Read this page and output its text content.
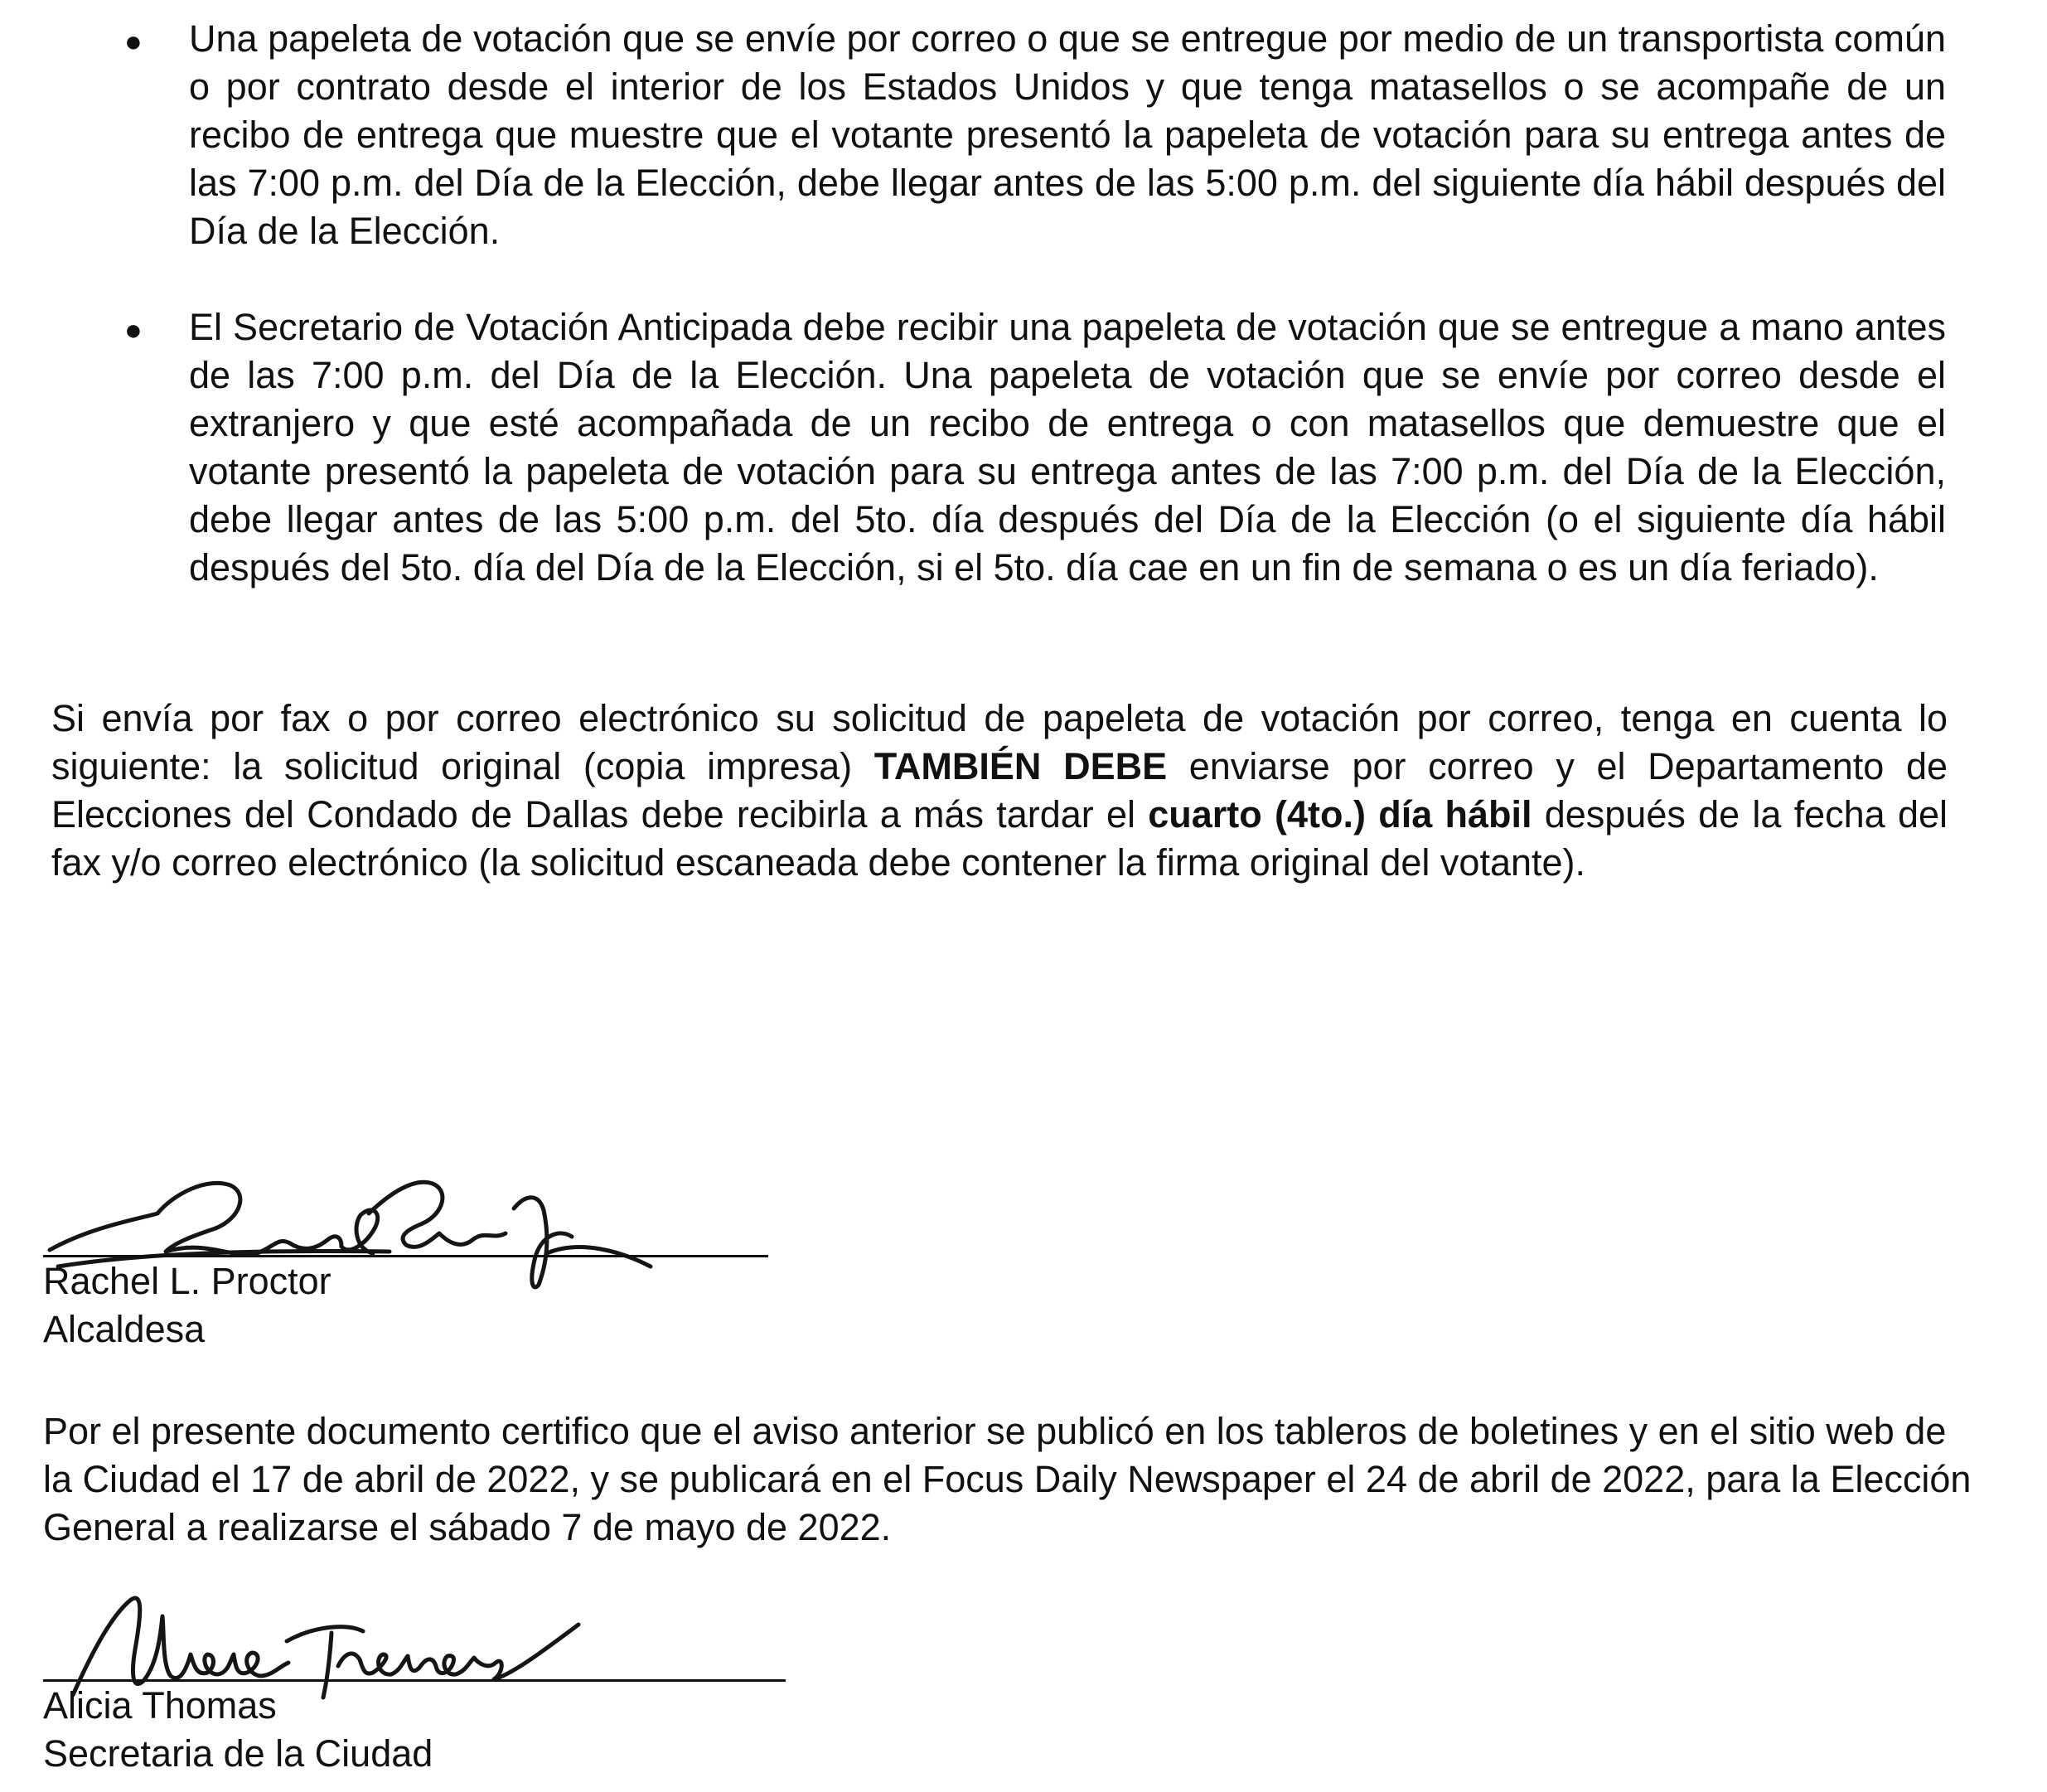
● Una papeleta de votación que se envíe por correo o que se entregue por medio de un transportista común o por contrato desde el interior de los Estados Unidos y que tenga matasellos o se acompañe de un recibo de entrega que muestre que el votante presentó la papeleta de votación para su entrega antes de las 7:00 p.m. del Día de la Elección, debe llegar antes de las 5:00 p.m. del siguiente día hábil después del Día de la Elección.

● El Secretario de Votación Anticipada debe recibir una papeleta de votación que se entregue a mano antes de las 7:00 p.m. del Día de la Elección. Una papeleta de votación que se envíe por correo desde el extranjero y que esté acompañada de un recibo de entrega o con matasellos que demuestre que el votante presentó la papeleta de votación para su entrega antes de las 7:00 p.m. del Día de la Elección, debe llegar antes de las 5:00 p.m. del 5to. día después del Día de la Elección (o el siguiente día hábil después del 5to. día del Día de la Elección, si el 5to. día cae en un fin de semana o es un día feriado).

Si envía por fax o por correo electrónico su solicitud de papeleta de votación por correo, tenga en cuenta lo siguiente: la solicitud original (copia impresa) TAMBIÉN DEBE enviarse por correo y el Departamento de Elecciones del Condado de Dallas debe recibirla a más tardar el cuarto (4to.) día hábil después de la fecha del fax y/o correo electrónico (la solicitud escaneada debe contener la firma original del votante).

Rachel L. Proctor

Alcaldesa

Por el presente documento certifico que el aviso anterior se publicó en los tableros de boletines y en el sitio web de la Ciudad el 17 de abril de 2022, y se publicará en el Focus Daily Newspaper el 24 de abril de 2022, para la Elección General a realizarse el sábado 7 de mayo de 2022.

Alicia Thomas

Secretaria de la Ciudad
